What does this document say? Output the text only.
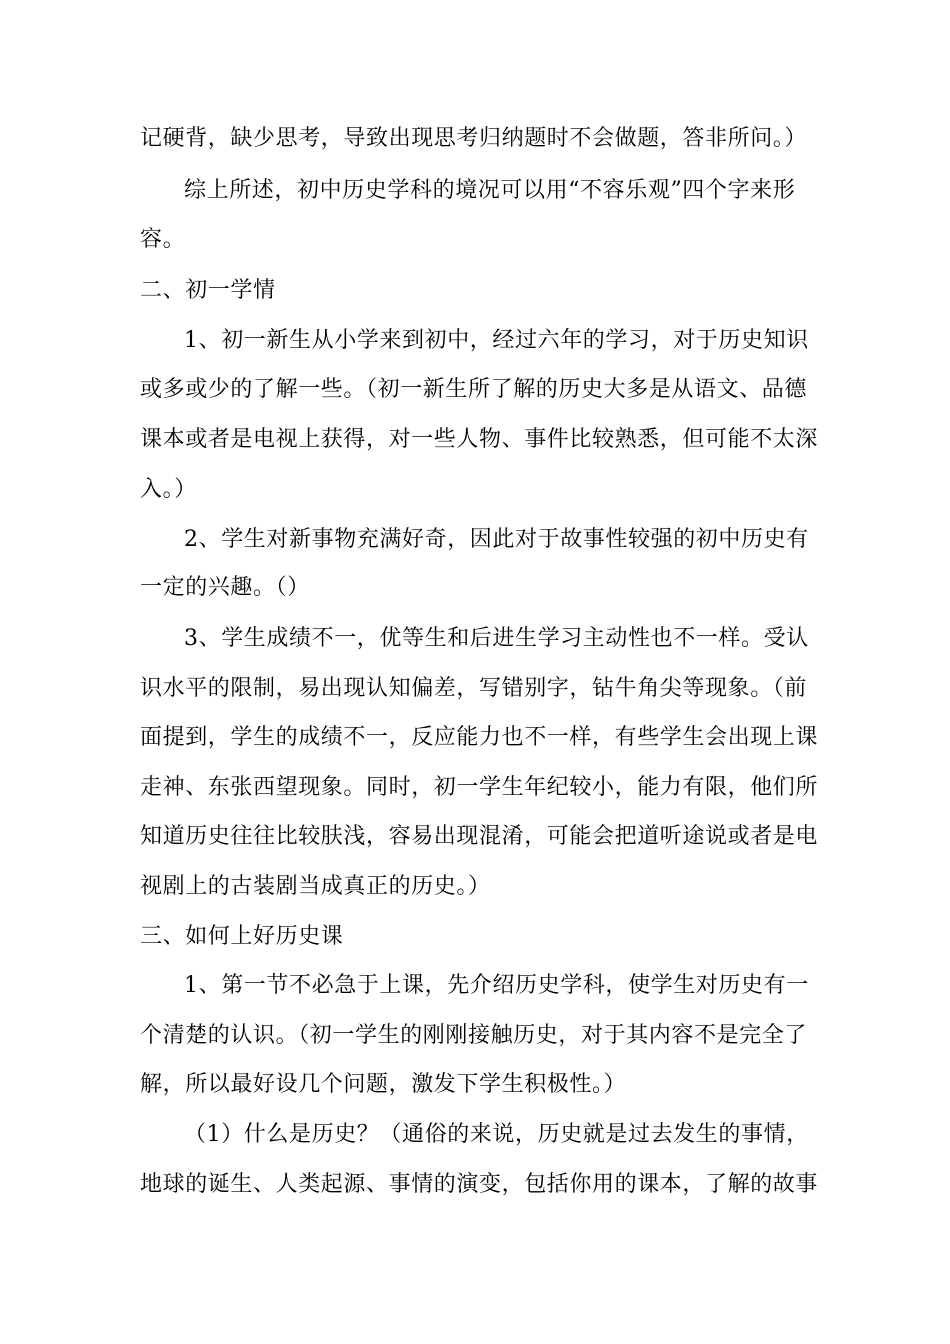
记硬背，缺少思考，导致出现思考归纳题时不会做题，答非所问。）
综上所述，初中历史学科的境况可以用“不容乐观”四个字来形
容。
二、初一学情
1、初一新生从小学来到初中，经过六年的学习，对于历史知识
或多或少的了解一些。（初一新生所了解的历史大多是从语文、品德
课本或者是电视上获得，对一些人物、事件比较熟悉，但可能不太深
入。）
2、学生对新事物充满好奇，因此对于故事性较强的初中历史有
一定的兴趣。（）
3、学生成绩不一，优等生和后进生学习主动性也不一样。受认
识水平的限制，易出现认知偏差，写错别字，钻牛角尖等现象。（前
面提到，学生的成绩不一，反应能力也不一样，有些学生会出现上课
走神、东张西望现象。同时，初一学生年纪较小，能力有限，他们所
知道历史往往比较肤浅，容易出现混淆，可能会把道听途说或者是电
视剧上的古装剧当成真正的历史。）
三、如何上好历史课
1、第一节不必急于上课，先介绍历史学科，使学生对历史有一
个清楚的认识。（初一学生的刚刚接触历史，对于其内容不是完全了
解，所以最好设几个问题，激发下学生积极性。）
（1）什么是历史？（通俗的来说，历史就是过去发生的事情，
地球的诞生、人类起源、事情的演变，包括你用的课本，了解的故事
